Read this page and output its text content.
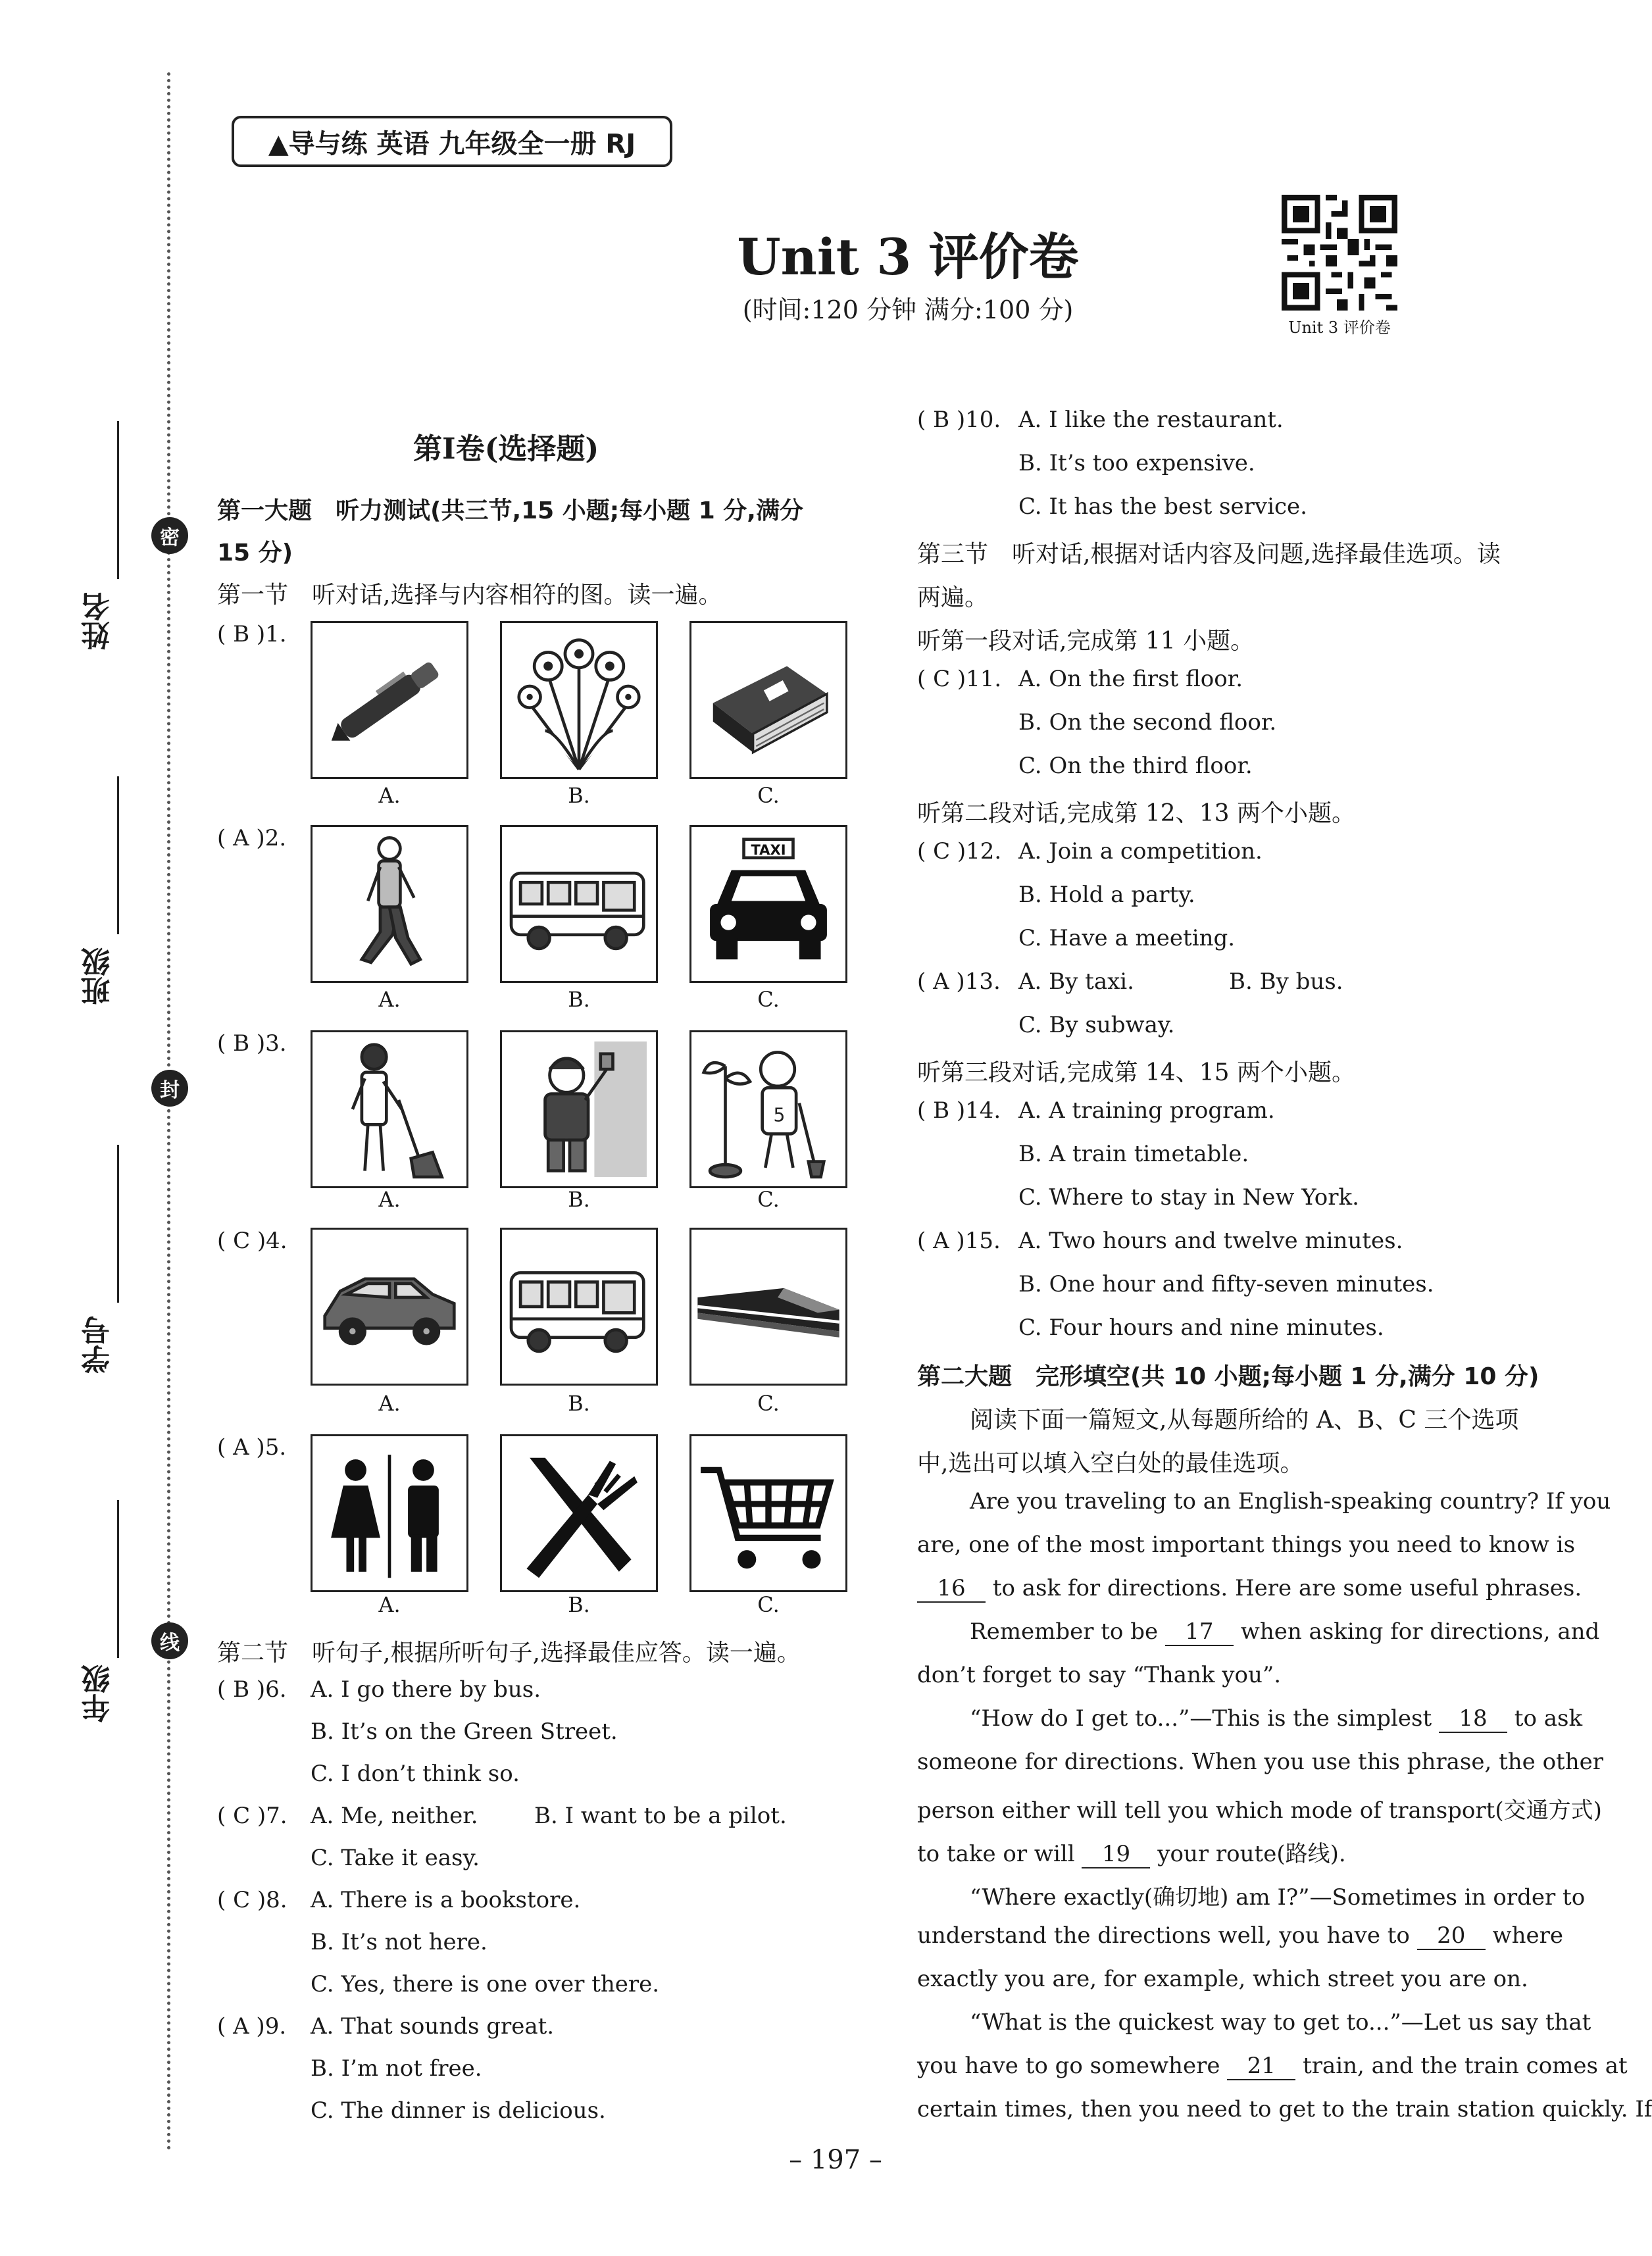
姓名
班级
学号
年级
密
封
线
▲导与练 英语 九年级全一册 RJ
Unit 3 评价卷
(时间:120 分钟 满分:100 分)
Unit 3 评价卷
第Ⅰ卷(选择题)
第一大题　听力测试(共三节,15 小题;每小题 1 分,满分
15 分)
第一节　听对话,选择与内容相符的图。读一遍。
( B )1.
A.	B.	C.
( A )2.	TAXI
A.	B.	C.
( B )3.
5
A.	B.	C.
( C )4.
A.	B.	C.
( A )5.
A.	B.	C.
第二节　听句子,根据所听句子,选择最佳应答。读一遍。
( B )6. A. I go there by bus.
B. It’s on the Green Street.
C. I don’t think so.
( C )7. A. Me, neither.	B. I want to be a pilot.
C. Take it easy.
( C )8. A. There is a bookstore.
B. It’s not here.
C. Yes, there is one over there.
( A )9. A. That sounds great.
B. I’m not free.
C. The dinner is delicious.
( B )10. A. I like the restaurant.
B. It’s too expensive.
C. It has the best service.
第三节　听对话,根据对话内容及问题,选择最佳选项。读
两遍。
听第一段对话,完成第 11 小题。
( C )11. A. On the first floor.
B. On the second floor.
C. On the third floor.
听第二段对话,完成第 12、13 两个小题。
( C )12. A. Join a competition.
B. Hold a party.
C. Have a meeting.
( A )13. A. By taxi.	B. By bus.
C. By subway.
听第三段对话,完成第 14、15 两个小题。
( B )14. A. A training program.
B. A train timetable.
C. Where to stay in New York.
( A )15. A. Two hours and twelve minutes.
B. One hour and fifty-seven minutes.
C. Four hours and nine minutes.
第二大题　完形填空(共 10 小题;每小题 1 分,满分 10 分)
阅读下面一篇短文,从每题所给的 A、B、C 三个选项
中,选出可以填入空白处的最佳选项。
Are you traveling to an English-speaking country? If you
are, one of the most important things you need to know is
16 to ask for directions. Here are some useful phrases.
Remember to be 17 when asking for directions, and
don’t forget to say “Thank you”.
“How do I get to...”—This is the simplest 18 to ask
someone for directions. When you use this phrase, the other
person either will tell you which mode of transport(交通方式)
to take or will 19 your route(路线).
“Where exactly(确切地) am I?”—Sometimes in order to
understand the directions well, you have to 20 where
exactly you are, for example, which street you are on.
“What is the quickest way to get to...”—Let us say that
you have to go somewhere 21 train, and the train comes at
certain times, then you need to get to the train station quickly. If
– 197 –
